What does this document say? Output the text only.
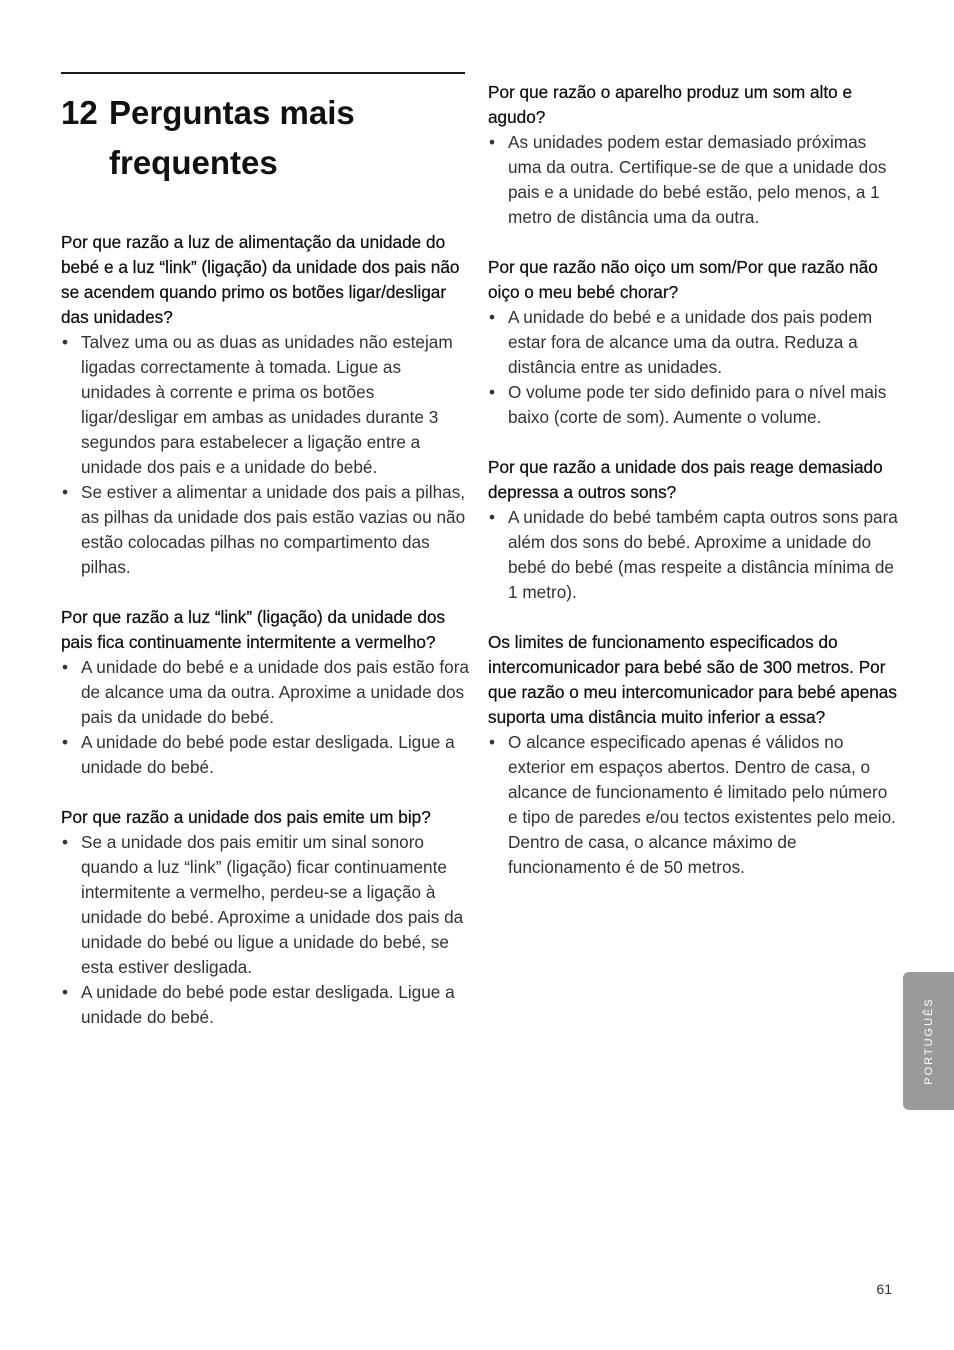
12 Perguntas mais
frequentes
Por que razão a luz de alimentação da unidade do bebé e a luz “link” (ligação) da unidade dos pais não se acendem quando primo os botões ligar/desligar das unidades?
• Talvez uma ou as duas as unidades não estejam ligadas correctamente à tomada. Ligue as unidades à corrente e prima os botões ligar/desligar em ambas as unidades durante 3 segundos para estabelecer a ligação entre a unidade dos pais e a unidade do bebé.
• Se estiver a alimentar a unidade dos pais a pilhas, as pilhas da unidade dos pais estão vazias ou não estão colocadas pilhas no compartimento das pilhas.
Por que razão a luz “link” (ligação) da unidade dos pais fica continuamente intermitente a vermelho?
• A unidade do bebé e a unidade dos pais estão fora de alcance uma da outra. Aproxime a unidade dos pais da unidade do bebé.
• A unidade do bebé pode estar desligada. Ligue a unidade do bebé.
Por que razão a unidade dos pais emite um bip?
• Se a unidade dos pais emitir um sinal sonoro quando a luz “link” (ligação) ficar continuamente intermitente a vermelho, perdeu-se a ligação à unidade do bebé. Aproxime a unidade dos pais da unidade do bebé ou ligue a unidade do bebé, se esta estiver desligada.
• A unidade do bebé pode estar desligada. Ligue a unidade do bebé.
Por que razão o aparelho produz um som alto e agudo?
• As unidades podem estar demasiado próximas uma da outra. Certifique-se de que a unidade dos pais e a unidade do bebé estão, pelo menos, a 1 metro de distância uma da outra.
Por que razão não oiço um som/Por que razão não oiço o meu bebé chorar?
• A unidade do bebé e a unidade dos pais podem estar fora de alcance uma da outra. Reduza a distância entre as unidades.
• O volume pode ter sido definido para o nível mais baixo (corte de som). Aumente o volume.
Por que razão a unidade dos pais reage demasiado depressa a outros sons?
• A unidade do bebé também capta outros sons para além dos sons do bebé. Aproxime a unidade do bebé do bebé (mas respeite a distância mínima de 1 metro).
Os limites de funcionamento especificados do intercomunicador para bebé são de 300 metros. Por que razão o meu intercomunicador para bebé apenas suporta uma distância muito inferior a essa?
• O alcance especificado apenas é válidos no exterior em espaços abertos. Dentro de casa, o alcance de funcionamento é limitado pelo número e tipo de paredes e/ou tectos existentes pelo meio. Dentro de casa, o alcance máximo de funcionamento é de 50 metros.
PORTUGUÊS
61
